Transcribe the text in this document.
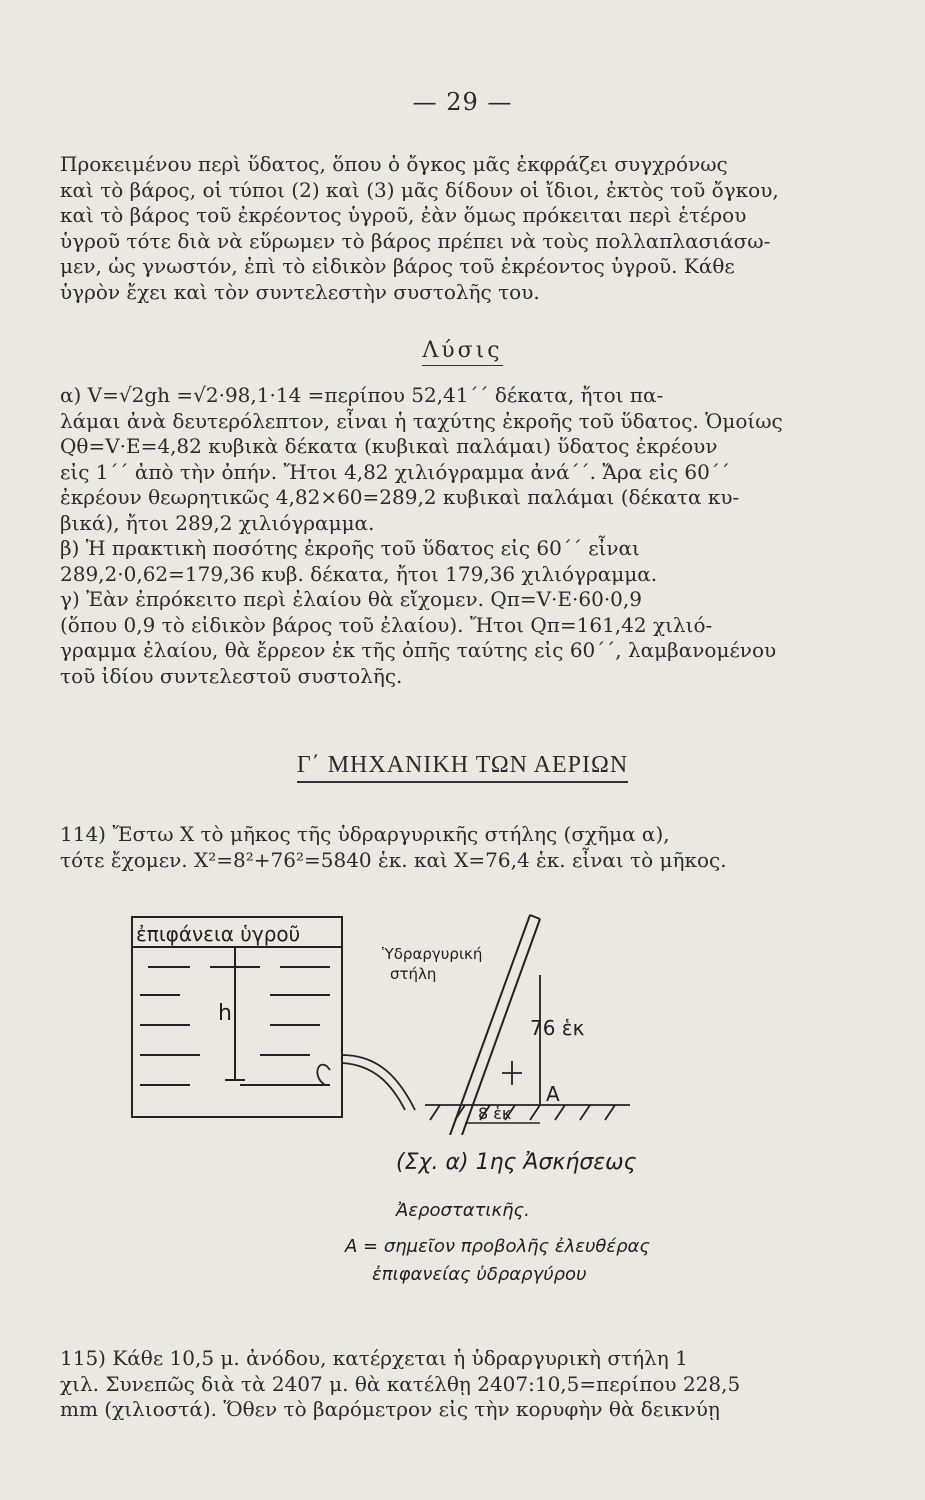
— 29 —
Προκειμένου περὶ ὕδατος, ὅπου ὁ ὄγκος μᾶς ἐκφράζει συγχρόνως
καὶ τὸ βάρος, οἱ τύποι (2) καὶ (3) μᾶς δίδουν οἱ ἴδιοι, ἐκτὸς τοῦ ὄγκου,
καὶ τὸ βάρος τοῦ ἐκρέοντος ὑγροῦ, ἐὰν ὅμως πρόκειται περὶ ἑτέρου
ὑγροῦ τότε διὰ νὰ εὕρωμεν τὸ βάρος πρέπει νὰ τοὺς πολλαπλασιάσω-
μεν, ὡς γνωστόν, ἐπὶ τὸ εἰδικὸν βάρος τοῦ ἐκρέοντος ὑγροῦ. Κάθε
ὑγρὸν ἔχει καὶ τὸν συντελεστὴν συστολῆς του.
Λύσις
α) V=√2gh =√2·98,1·14 =περίπου 52,41΄΄ δέκατα, ἤτοι πα-
λάμαι ἀνὰ δευτερόλεπτον, εἶναι ἡ ταχύτης ἐκροῆς τοῦ ὕδατος. Ὁμοίως
Qθ=V·E=4,82 κυβικὰ δέκατα (κυβικαὶ παλάμαι) ὕδατος ἐκρέουν
εἰς 1΄΄ ἀπὸ τὴν ὀπήν. Ἤτοι 4,82 χιλιόγραμμα ἀνά΄΄. Ἄρα εἰς 60΄΄
ἐκρέουν θεωρητικῶς 4,82×60=289,2 κυβικαὶ παλάμαι (δέκατα κυ-
βικά), ἤτοι 289,2 χιλιόγραμμα.
β) Ἡ πρακτικὴ ποσότης ἐκροῆς τοῦ ὕδατος εἰς 60΄΄ εἶναι
289,2·0,62=179,36 κυβ. δέκατα, ἤτοι 179,36 χιλιόγραμμα.
γ) Ἐὰν ἐπρόκειτο περὶ ἐλαίου θὰ εἴχομεν. Qπ=V·E·60·0,9
(ὅπου 0,9 τὸ εἰδικὸν βάρος τοῦ ἐλαίου). Ἤτοι Qπ=161,42 χιλιό-
γραμμα ἐλαίου, θὰ ἔρρεον ἐκ τῆς ὀπῆς ταύτης εἰς 60΄΄, λαμβανομένου
τοῦ ἰδίου συντελεστοῦ συστολῆς.
Γ΄ ΜΗΧΑΝΙΚΗ ΤΩΝ ΑΕΡΙΩΝ
114) Ἔστω X τὸ μῆκος τῆς ὑδραργυρικῆς στήλης (σχῆμα α),
τότε ἔχομεν. X²=8²+76²=5840 ἑκ. καὶ X=76,4 ἑκ. εἶναι τὸ μῆκος.
ἐπιφάνεια ὑγροῦ
h
Ὑδραργυρική
στήλη
76 ἑκ
A
8 ἑκ
(Σχ. α) 1ης Ἀσκήσεως
Ἀεροστατικῆς.
A = σημεῖον προβολῆς ἐλευθέρας
ἐπιφανείας ὑδραργύρου
115) Κάθε 10,5 μ. ἀνόδου, κατέρχεται ἡ ὑδραργυρικὴ στήλη 1
χιλ. Συνεπῶς διὰ τὰ 2407 μ. θὰ κατέλθῃ 2407:10,5=περίπου 228,5
mm (χιλιοστά). Ὅθεν τὸ βαρόμετρον εἰς τὴν κορυφὴν θὰ δεικνύῃ
